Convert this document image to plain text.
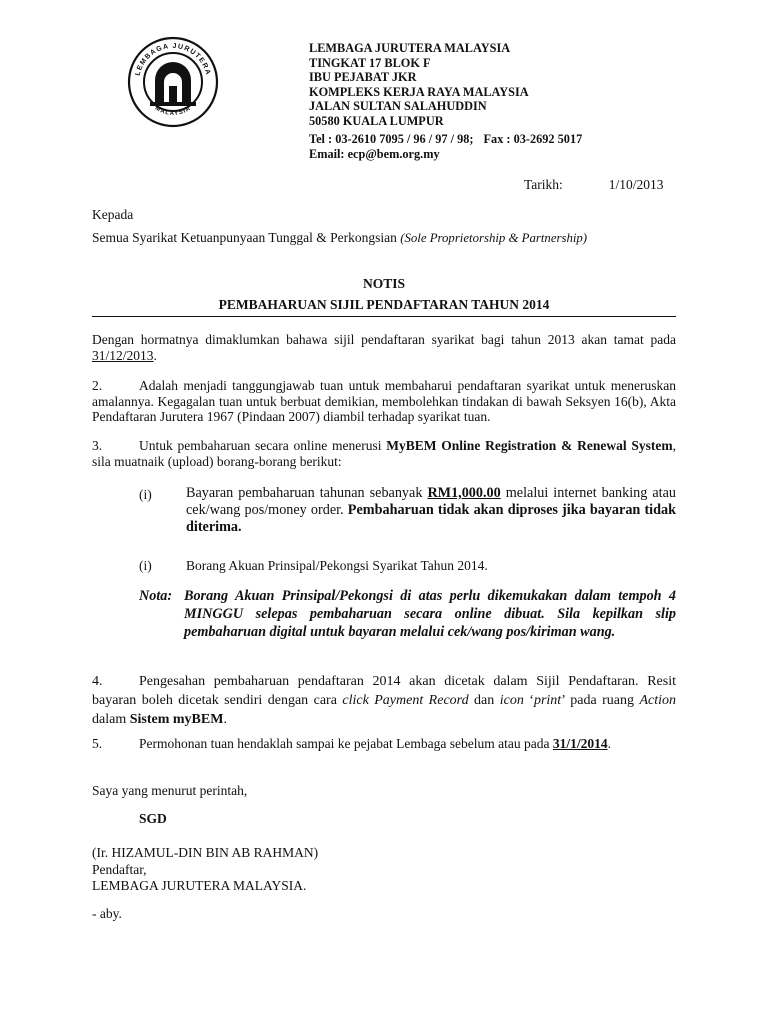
LEMBAGA JURUTERA
MALAYSIA
LEMBAGA JURUTERA MALAYSIA
TINGKAT 17 BLOK F
IBU PEJABAT JKR
KOMPLEKS KERJA RAYA MALAYSIA
JALAN SULTAN SALAHUDDIN
50580 KUALA LUMPUR
Tel : 03-2610 7095 / 96 / 97 / 98; Fax : 03-2692 5017
Email: ecp@bem.org.my
Tarikh:	1/10/2013
Kepada
Semua Syarikat Ketuanpunyaan Tunggal & Perkongsian (Sole Proprietorship & Partnership)
NOTIS
PEMBAHARUAN SIJIL PENDAFTARAN TAHUN 2014
Dengan hormatnya dimaklumkan bahawa sijil pendaftaran syarikat bagi tahun 2013 akan tamat pada 31/12/2013.
2.	Adalah menjadi tanggungjawab tuan untuk membaharui pendaftaran syarikat untuk meneruskan amalannya. Kegagalan tuan untuk berbuat demikian, membolehkan tindakan di bawah Seksyen 16(b), Akta Pendaftaran Jurutera 1967 (Pindaan 2007) diambil terhadap syarikat tuan.
3.	Untuk pembaharuan secara online menerusi MyBEM Online Registration & Renewal System, sila muatnaik (upload) borang-borang berikut:
(i) Bayaran pembaharuan tahunan sebanyak RM1,000.00 melalui internet banking atau cek/wang pos/money order. Pembaharuan tidak akan diproses jika bayaran tidak diterima.
(i)	Borang Akuan Prinsipal/Pekongsi Syarikat Tahun 2014.
Nota: Borang Akuan Prinsipal/Pekongsi di atas perlu dikemukakan dalam tempoh 4 MINGGU selepas pembaharuan secara online dibuat. Sila kepilkan slip pembaharuan digital untuk bayaran melalui cek/wang pos/kiriman wang.
4.	Pengesahan pembaharuan pendaftaran 2014 akan dicetak dalam Sijil Pendaftaran. Resit bayaran boleh dicetak sendiri dengan cara click Payment Record dan icon ‘print’ pada ruang Action dalam Sistem myBEM.
5.	Permohonan tuan hendaklah sampai ke pejabat Lembaga sebelum atau pada 31/1/2014.
Saya yang menurut perintah,
SGD
(Ir. HIZAMUL-DIN BIN AB RAHMAN)
Pendaftar,
LEMBAGA JURUTERA MALAYSIA.
- aby.
